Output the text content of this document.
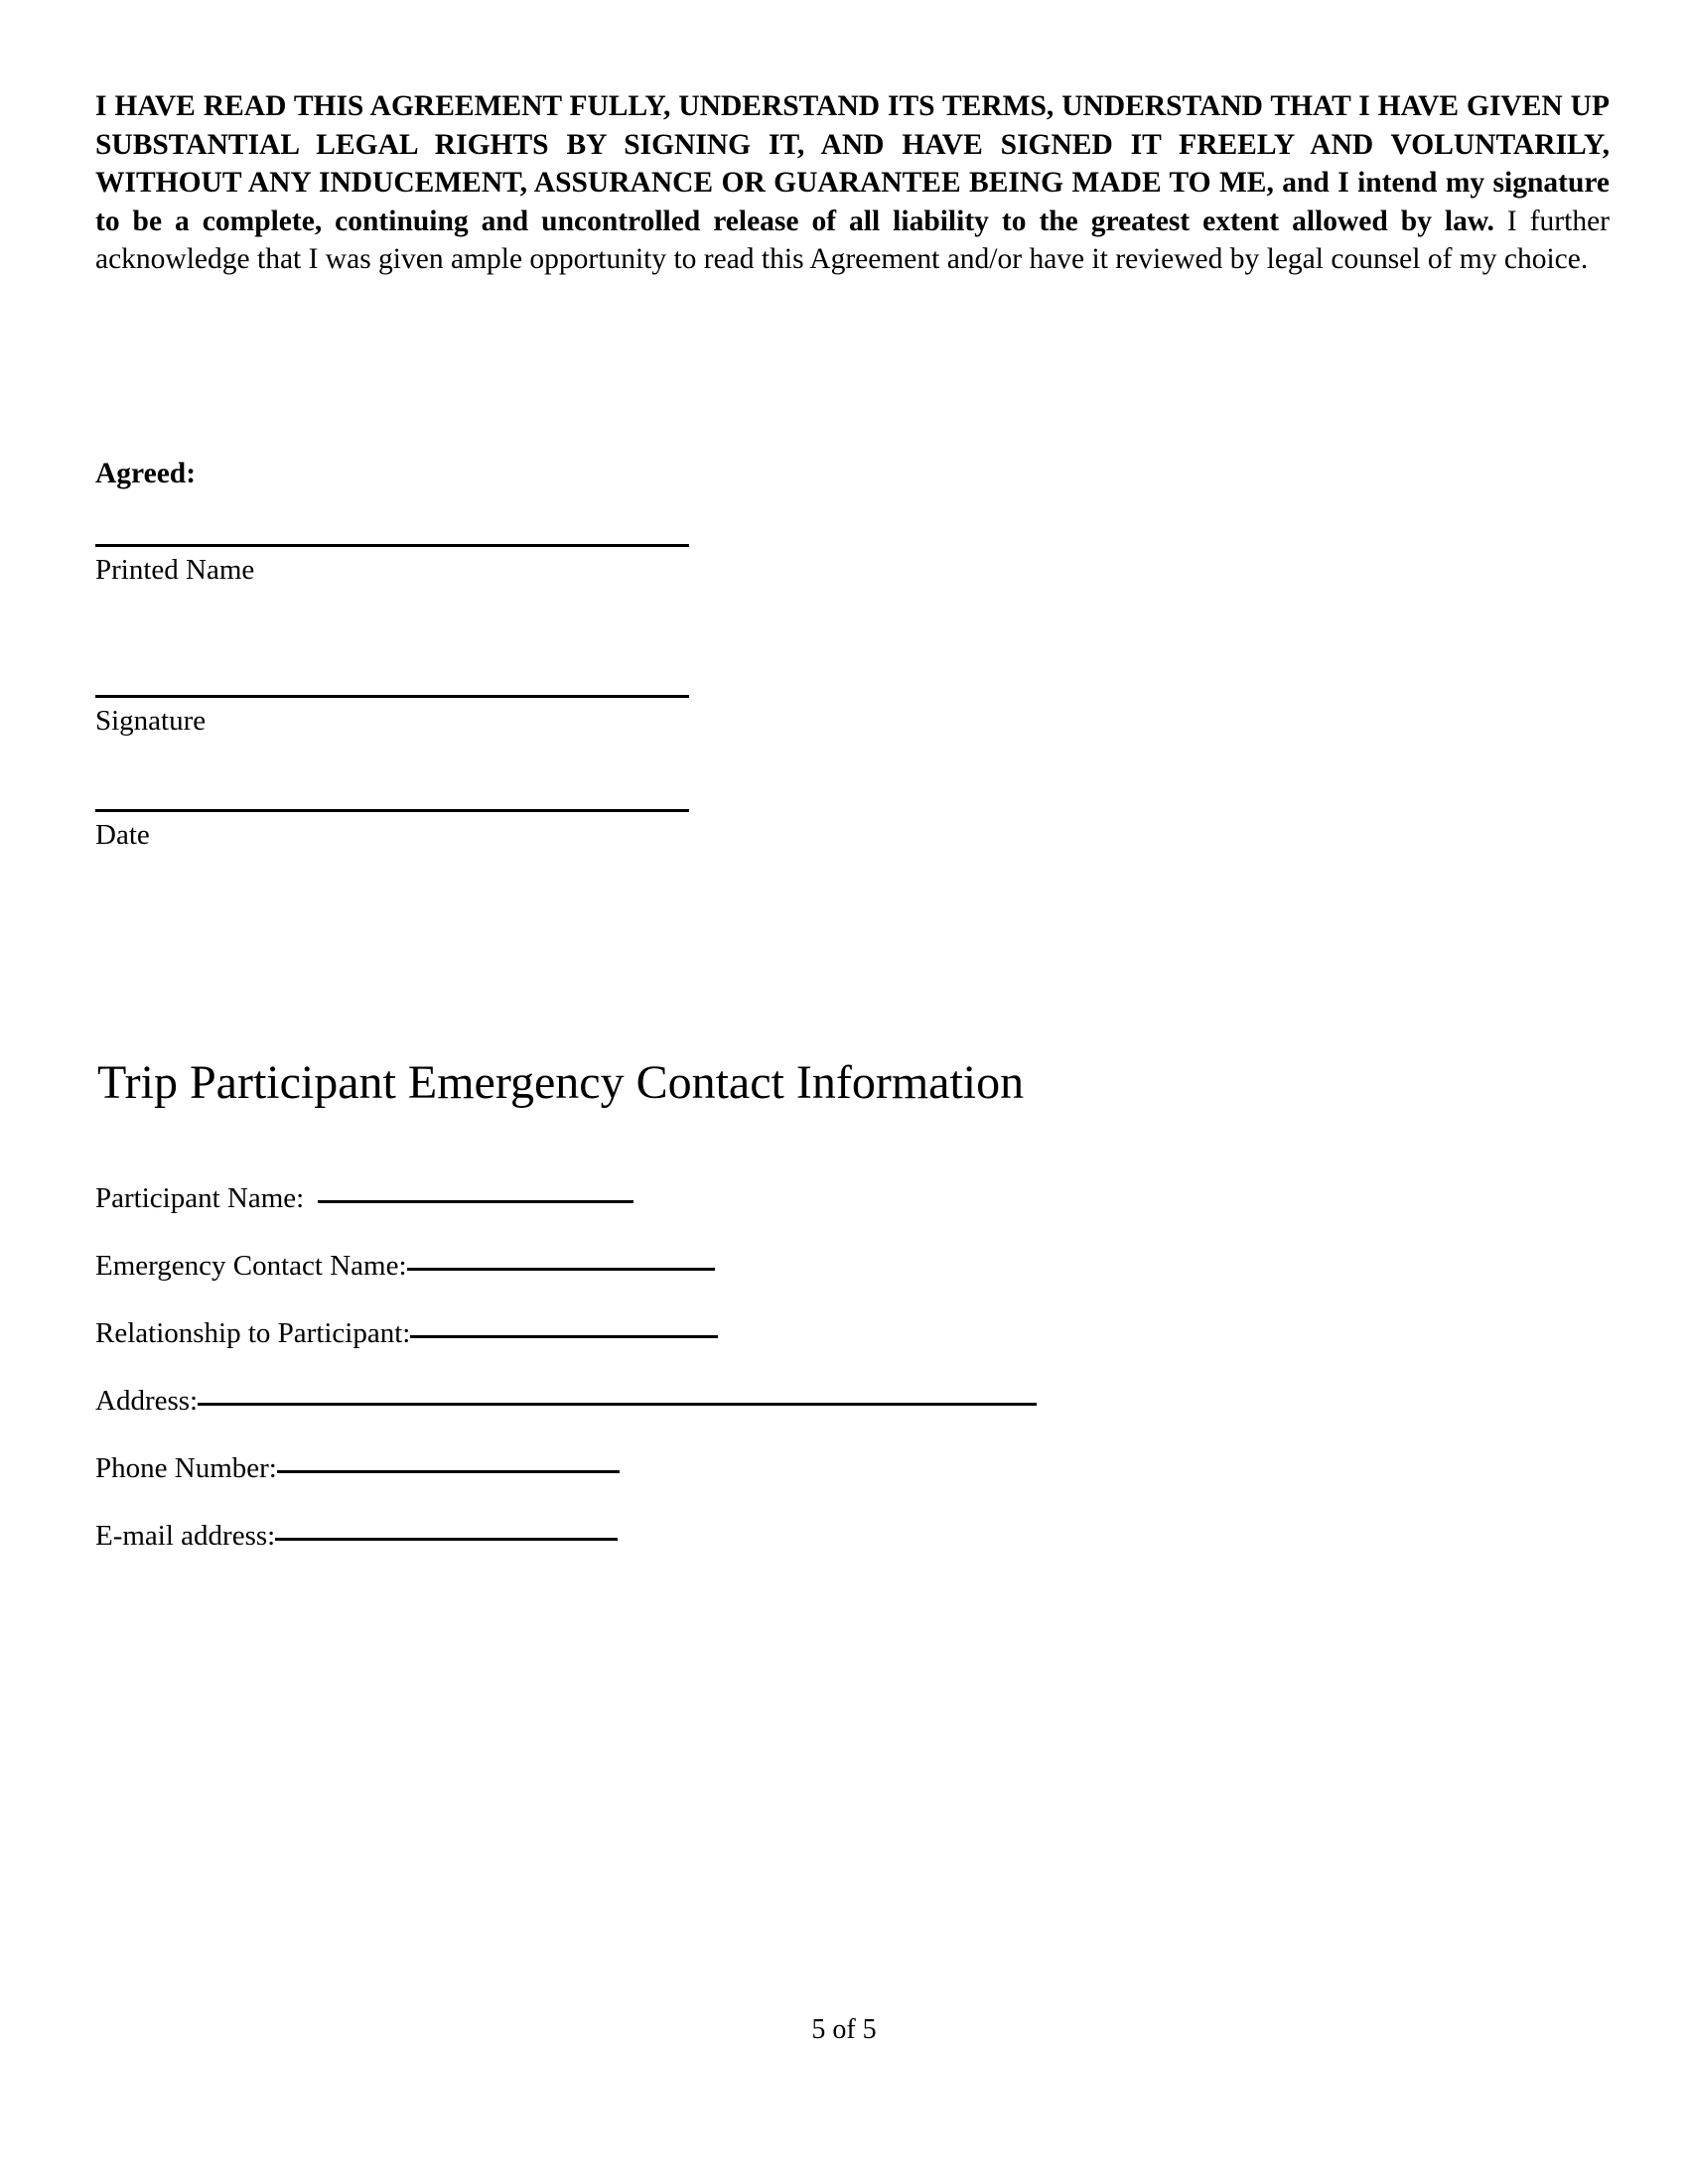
I HAVE READ THIS AGREEMENT FULLY, UNDERSTAND ITS TERMS, UNDERSTAND THAT I HAVE GIVEN UP SUBSTANTIAL LEGAL RIGHTS BY SIGNING IT, AND HAVE SIGNED IT FREELY AND VOLUNTARILY, WITHOUT ANY INDUCEMENT, ASSURANCE OR GUARANTEE BEING MADE TO ME, and I intend my signature to be a complete, continuing and uncontrolled release of all liability to the greatest extent allowed by law. I further acknowledge that I was given ample opportunity to read this Agreement and/or have it reviewed by legal counsel of my choice.

Agreed:

Printed Name
Signature
Date
Trip Participant Emergency Contact Information
Participant Name:
Emergency Contact Name:
Relationship to Participant:
Address:
Phone Number:
E-mail address:
5 of 5
